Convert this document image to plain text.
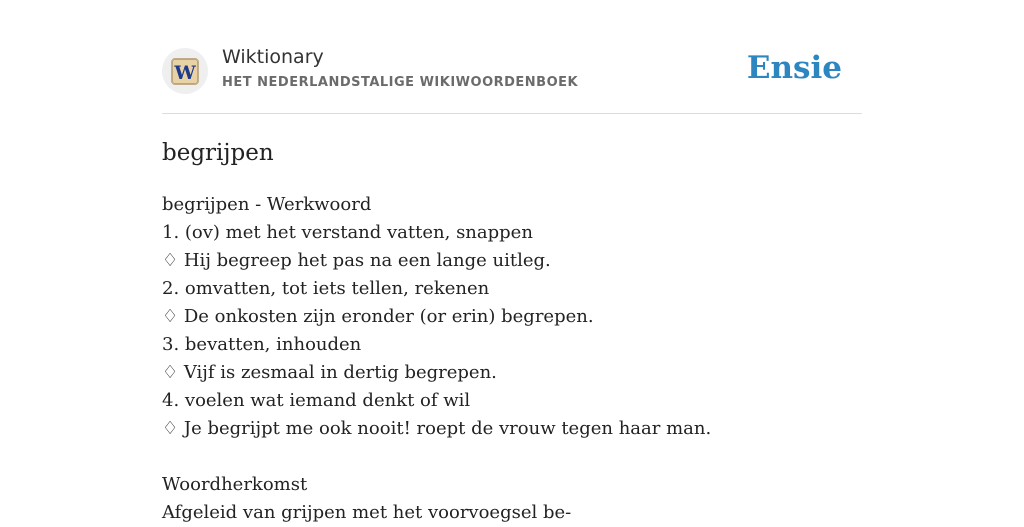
W
Wiktionary
HET NEDERLANDSTALIGE WIKIWOORDENBOEK	Ensie
begrijpen
begrijpen - Werkwoord
1. (ov) met het verstand vatten, snappen
♢ Hij begreep het pas na een lange uitleg.
2. omvatten, tot iets tellen, rekenen
♢ De onkosten zijn eronder (or erin) begrepen.
3. bevatten, inhouden
♢ Vijf is zesmaal in dertig begrepen.
4. voelen wat iemand denkt of wil
♢ Je begrijpt me ook nooit! roept de vrouw tegen haar man.
Woordherkomst
Afgeleid van grijpen met het voorvoegsel be-
